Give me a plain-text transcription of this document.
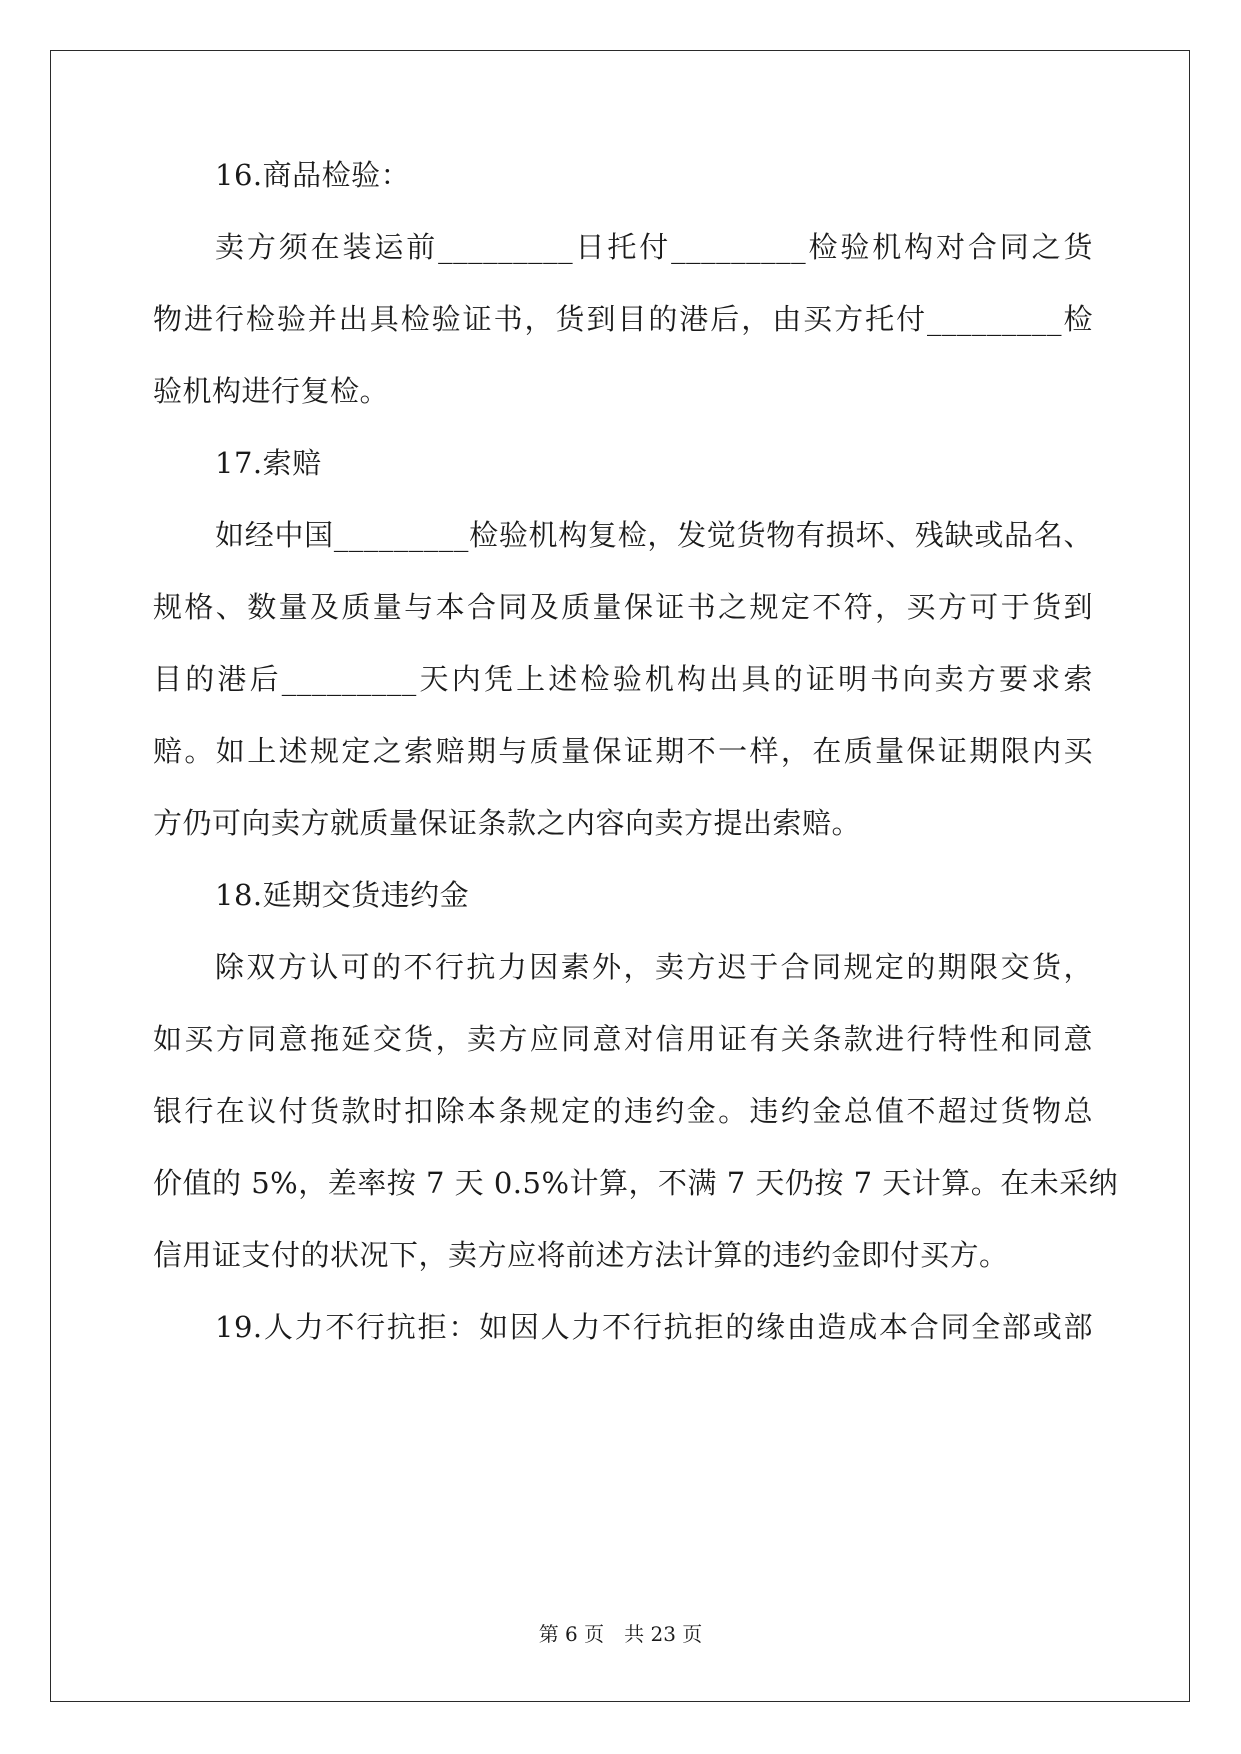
16.商品检验：
卖方须在装运前_________日托付_________检验机构对合同之货
物进行检验并出具检验证书，货到目的港后，由买方托付_________检
验机构进行复检。
17.索赔
如经中国_________检验机构复检，发觉货物有损坏、残缺或品名、
规格、数量及质量与本合同及质量保证书之规定不符，买方可于货到
目的港后_________天内凭上述检验机构出具的证明书向卖方要求索
赔。如上述规定之索赔期与质量保证期不一样，在质量保证期限内买
方仍可向卖方就质量保证条款之内容向卖方提出索赔。
18.延期交货违约金
除双方认可的不行抗力因素外，卖方迟于合同规定的期限交货，
如买方同意拖延交货，卖方应同意对信用证有关条款进行特性和同意
银行在议付货款时扣除本条规定的违约金。违约金总值不超过货物总
价值的 5%，差率按 7 天 0.5%计算，不满 7 天仍按 7 天计算。在未采纳
信用证支付的状况下，卖方应将前述方法计算的违约金即付买方。
19.人力不行抗拒：如因人力不行抗拒的缘由造成本合同全部或部
第 6 页　共 23 页
